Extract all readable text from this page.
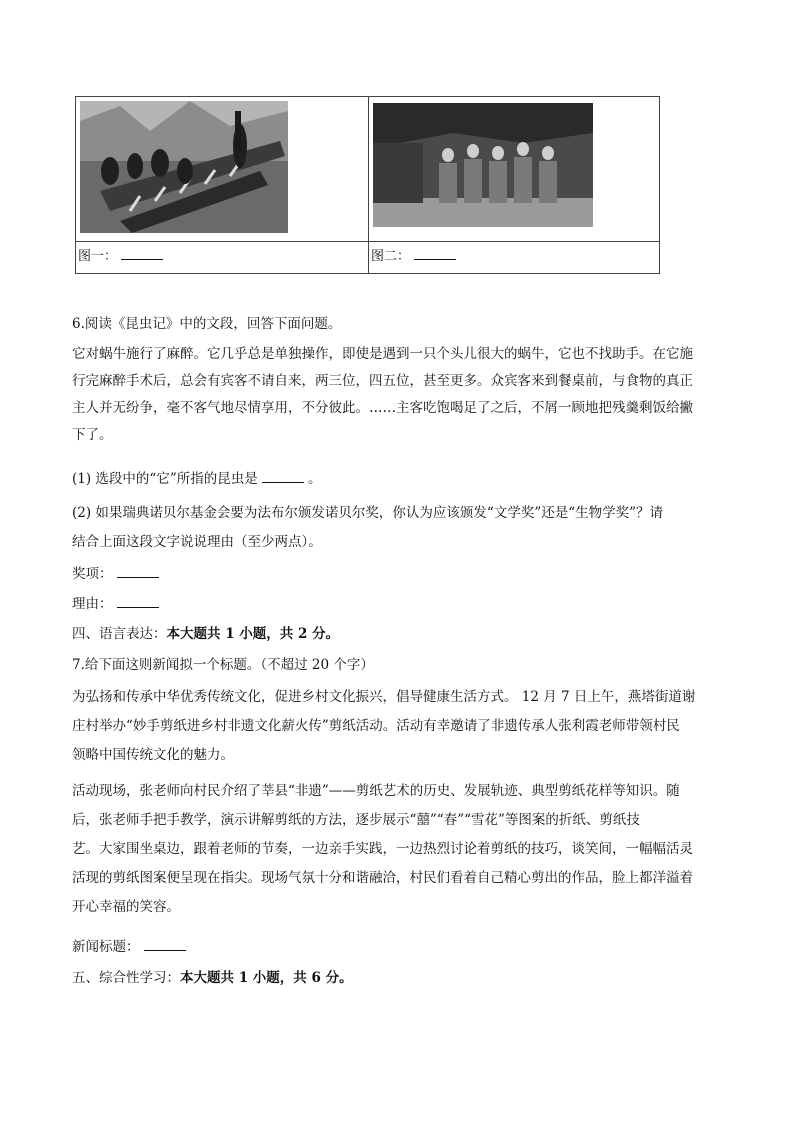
图一：	图二：
6.阅读《昆虫记》中的文段，回答下面问题。
它对蜗牛施行了麻醉。它几乎总是单独操作，即使是遇到一只个头儿很大的蜗牛，它也不找助手。在它施
行完麻醉手术后，总会有宾客不请自来，两三位，四五位，甚至更多。众宾客来到餐桌前，与食物的真正
主人并无纷争，毫不客气地尽情享用，不分彼此。……主客吃饱喝足了之后，不屑一顾地把残羹剩饭给撇
下了。
(1) 选段中的“它”所指的昆虫是	。
(2) 如果瑞典诺贝尔基金会要为法布尔颁发诺贝尔奖，你认为应该颁发“文学奖”还是“生物学奖”？请
结合上面这段文字说说理由（至少两点）。
奖项：
理由：
四、语言表达：本大题共 1 小题，共 2 分。
7.给下面这则新闻拟一个标题。（不超过 20 个字）
为弘扬和传承中华优秀传统文化，促进乡村文化振兴，倡导健康生活方式。 12 月 7 日上午，燕塔街道谢
庄村举办“妙手剪纸进乡村非遗文化薪火传”剪纸活动。活动有幸邀请了非遗传承人张利霞老师带领村民
领略中国传统文化的魅力。
活动现场，张老师向村民介绍了莘县“非遗”——剪纸艺术的历史、发展轨迹、典型剪纸花样等知识。随
后，张老师手把手教学，演示讲解剪纸的方法，逐步展示“囍”“春”“雪花”等图案的折纸、剪纸技
艺。大家围坐桌边，跟着老师的节奏，一边亲手实践，一边热烈讨论着剪纸的技巧，谈笑间，一幅幅活灵
活现的剪纸图案便呈现在指尖。现场气氛十分和谐融洽，村民们看着自己精心剪出的作品，脸上都洋溢着
开心幸福的笑容。
新闻标题：
五、综合性学习：本大题共 1 小题，共 6 分。
